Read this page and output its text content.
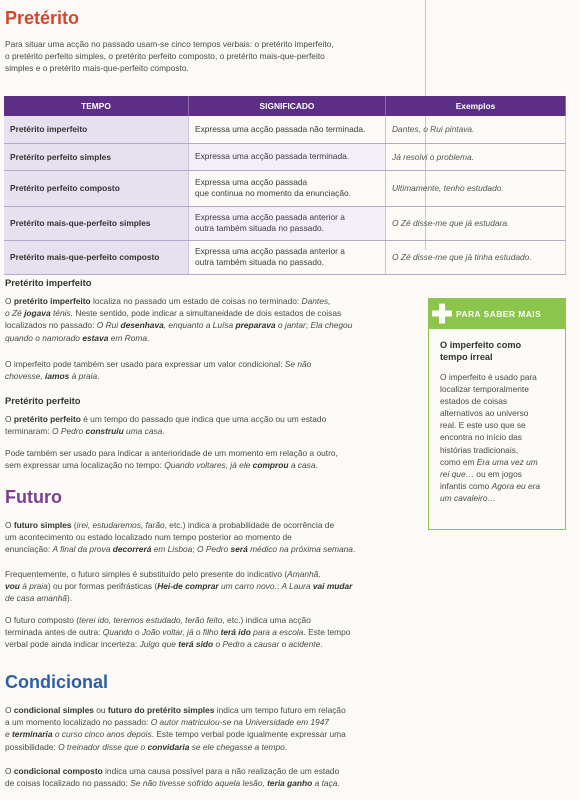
Pretérito

Para situar uma acção no passado usam-se cinco tempos verbais: o pretérito imperfeito,
o pretérito perfeito simples, o pretérito perfeito composto, o pretérito mais-que-perfeito
simples e o pretérito mais-que-perfeito composto.

TEMPO	SIGNIFICADO	Exemplos
Pretérito imperfeito	Expressa uma acção passada não terminada.	Dantes, o Rui pintava.
Pretérito perfeito simples	Expressa uma acção passada terminada.	Já resolvi o problema.
Pretérito perfeito composto	Expressa uma acção passada
que continua no momento da enunciação.	Ultimamente, tenho estudado.
Pretérito mais-que-perfeito simples	Expressa uma acção passada anterior a
outra também situada no passado.	O Zé disse-me que já estudara.
Pretérito mais-que-perfeito composto	Expressa uma acção passada anterior a
outra também situada no passado.	O Zé disse-me que já tinha estudado.
Pretérito imperfeito

O pretérito imperfeito localiza no passado um estado de coisas no terminado: Dantes,
o Zé jogava ténis. Neste sentido, pode indicar a simultaneidade de dois estados de coisas
localizados no passado: O Rui desenhava, enquanto a Luísa preparava o jantar; Ela chegou
quando o namorado estava em Roma.

O imperfeito pode também ser usado para expressar um valor condicional: Se não
chovesse, íamos à praia.

Pretérito perfeito

O pretérito perfeito é um tempo do passado que indica que uma acção ou um estado
terminaram: O Pedro construiu uma casa.

Pode também ser usado para indicar a anterioridade de um momento em relação a outro,
sem expressar uma localização no tempo: Quando voltares, já ele comprou a casa.

Futuro

O futuro simples (irei, estudaremos, farão, etc.) indica a probabilidade de ocorrência de
um acontecimento ou estado localizado num tempo posterior ao momento de
enunciação: A final da prova decorrerá em Lisboa; O Pedro será médico na próxima semana.

Frequentemente, o futuro simples é substituído pelo presente do indicativo (Amanhã,
vou à praia) ou por formas perifrásticas (Hei-de comprar um carro novo.; A Laura vai mudar
de casa amanhã).

O futuro composto (terei ido, teremos estudado, terão feito, etc.) indica uma acção
terminada antes de outra: Quando o João voltar, já o filho terá ido para a escola. Este tempo
verbal pode ainda indicar incerteza: Julgo que terá sido o Pedro a causar o acidente.

Condicional

O condicional simples ou futuro do pretérito simples indica um tempo futuro em relação
a um momento localizado no passado: O autor matriculou-se na Universidade em 1947
e terminaria o curso cinco anos depois. Este tempo verbal pode igualmente expressar uma
possibilidade: O treinador disse que o convidaria se ele chegasse a tempo.

O condicional composto indica uma causa possível para a não realização de um estado
de coisas localizado no passado: Se não tivesse sofrido aquela lesão, teria ganho a taça.

✚ PARA SABER MAIS

O imperfeito como
tempo irreal

O imperfeito é usado para
localizar temporalmente
estados de coisas
alternativos ao universo
real. E este uso que se
encontra no início das
histórias tradicionais,
como em Era uma vez um
rei que… ou em jogos
infantis como Agora eu era
um cavaleiro…
